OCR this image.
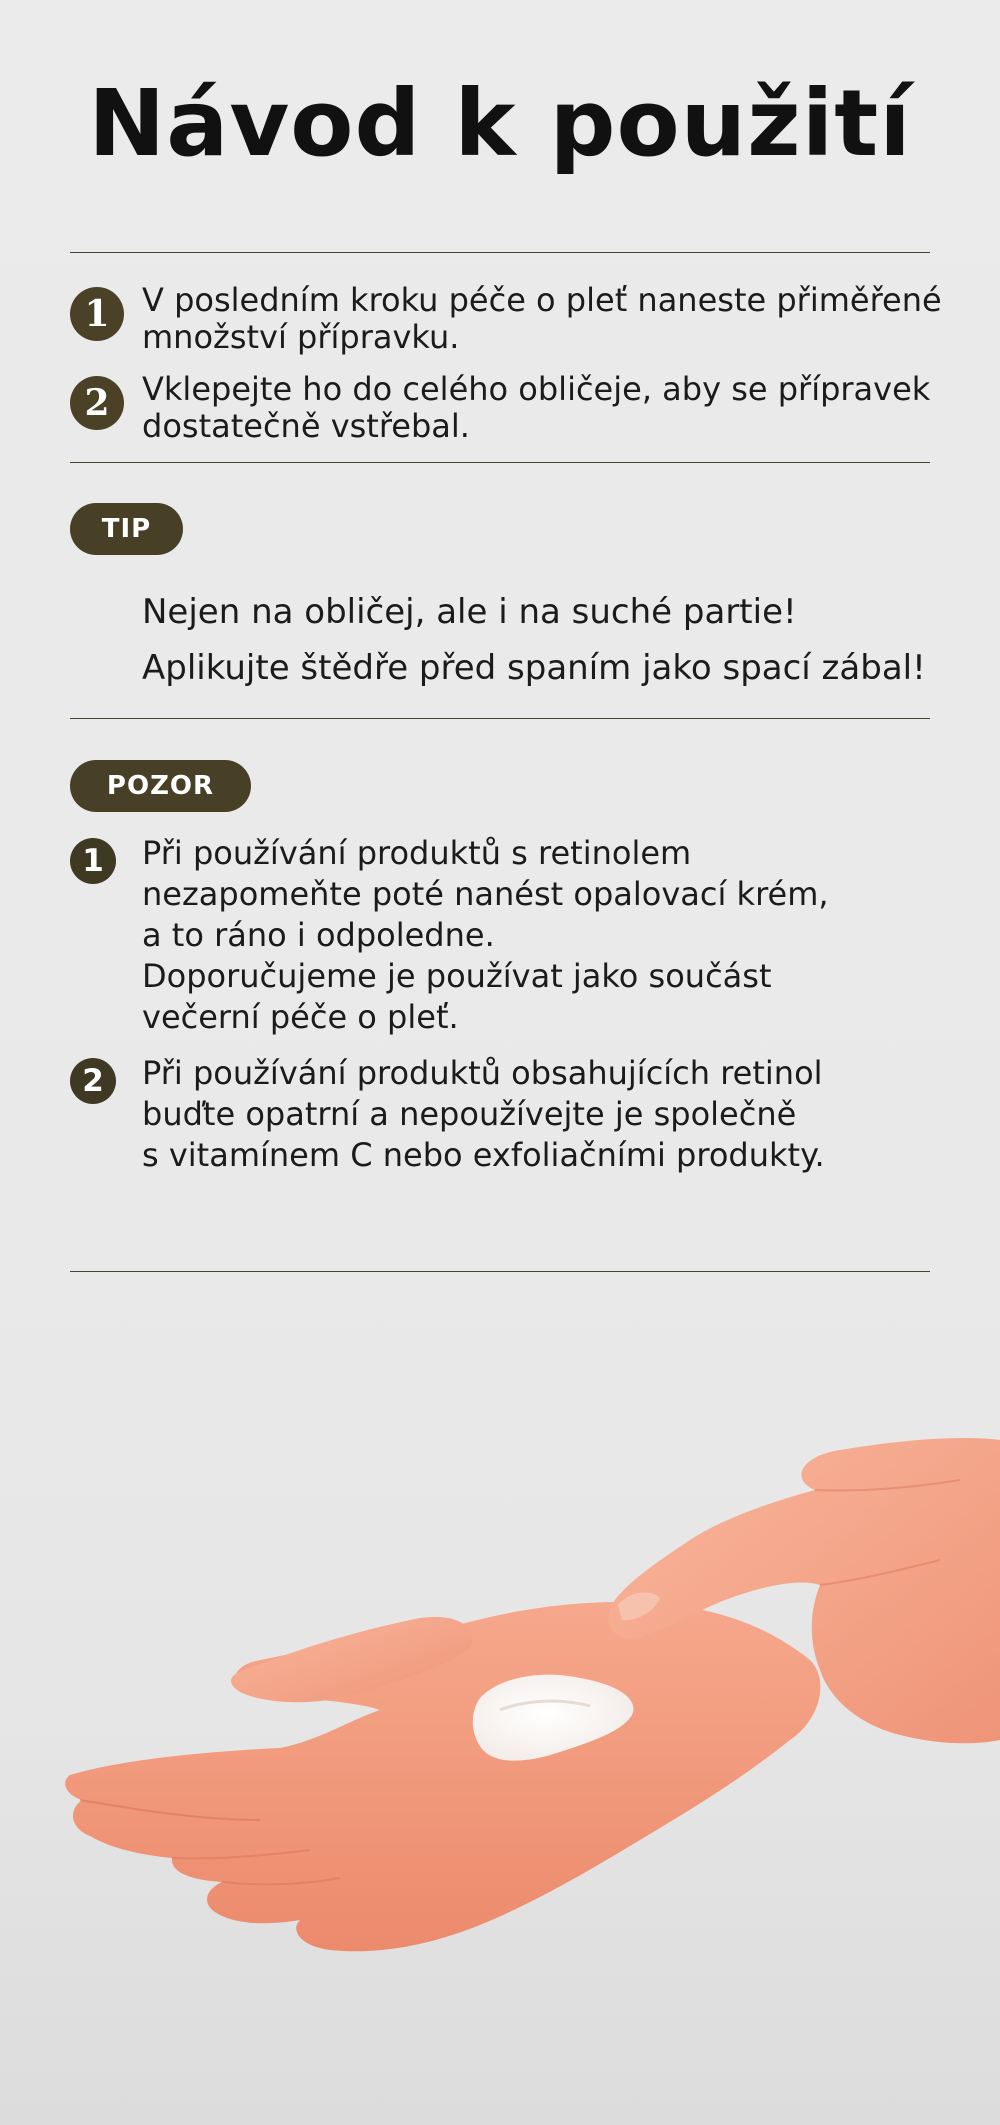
Návod k použití
1	V posledním kroku péče o pleť naneste přiměřené množství přípravku.
2	Vklepejte ho do celého obličeje, aby se přípravek dostatečně vstřebal.
TIP
Nejen na obličej, ale i na suché partie!
Aplikujte štědře před spaním jako spací zábal!
POZOR
1	Při používání produktů s retinolem
nezapomeňte poté nanést opalovací krém,
a to ráno i odpoledne.
Doporučujeme je používat jako součást
večerní péče o pleť.
2	Při používání produktů obsahujících retinol
buďte opatrní a nepoužívejte je společně
s vitamínem C nebo exfoliačními produkty.
